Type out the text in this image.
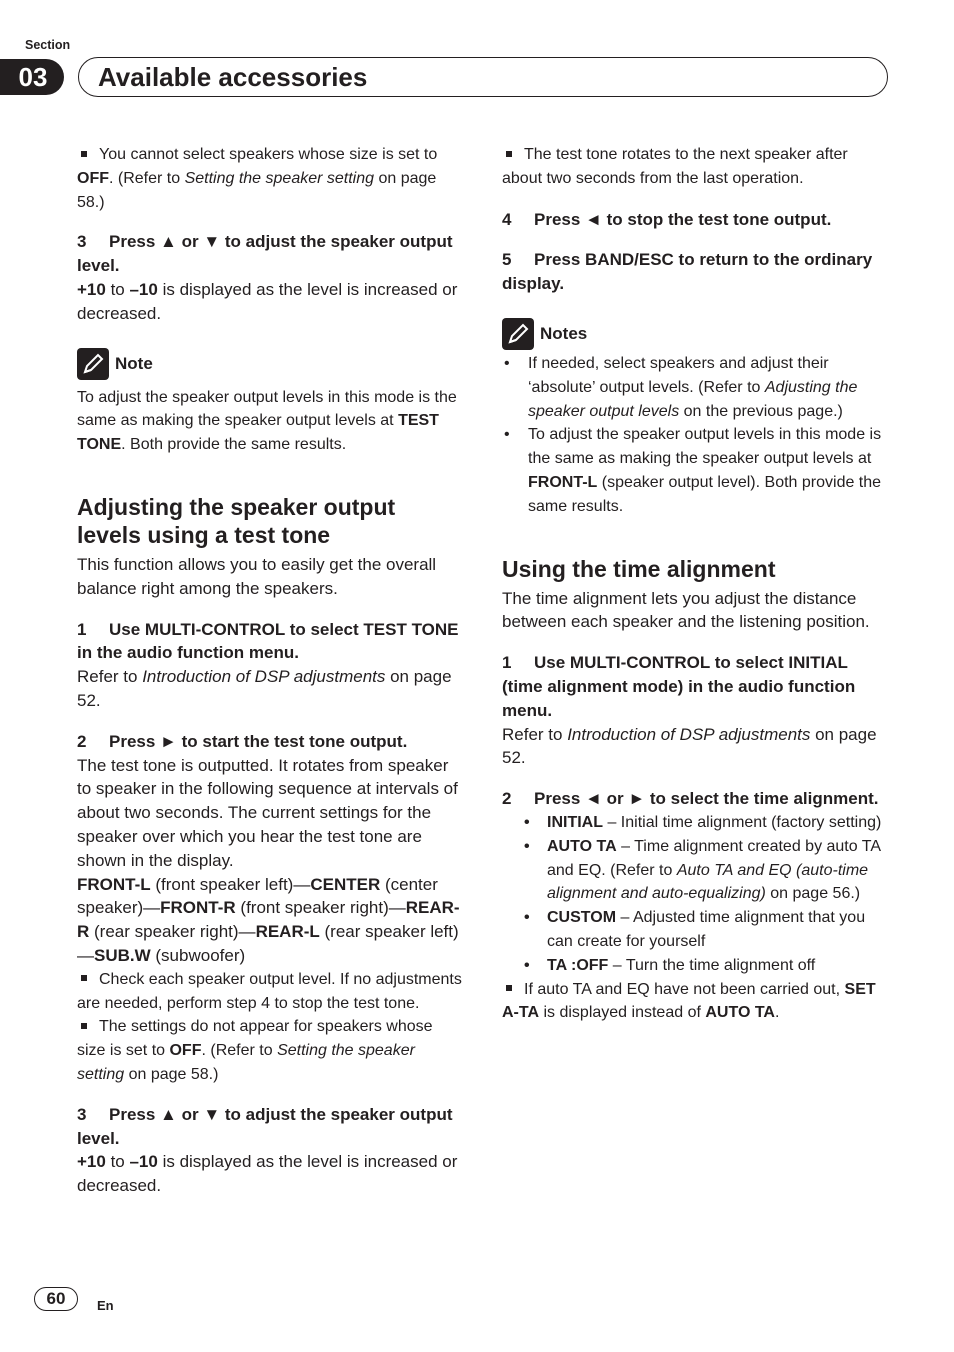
Section
03	Available accessories

You cannot select speakers whose size is set to OFF. (Refer to Setting the speaker setting on page 58.)

3 Press ▲ or ▼ to adjust the speaker output level.

+10 to –10 is displayed as the level is increased or decreased.

Note

To adjust the speaker output levels in this mode is the same as making the speaker output levels at TEST TONE. Both provide the same results.

Adjusting the speaker output levels using a test tone

This function allows you to easily get the overall balance right among the speakers.

1 Use MULTI-CONTROL to select TEST TONE in the audio function menu.

Refer to Introduction of DSP adjustments on page 52.

2 Press ► to start the test tone output.

The test tone is outputted. It rotates from speaker to speaker in the following sequence at intervals of about two seconds. The current settings for the speaker over which you hear the test tone are shown in the display.

FRONT-L (front speaker left)—CENTER (center speaker)—FRONT-R (front speaker right)—REAR-R (rear speaker right)—REAR-L (rear speaker left)—SUB.W (subwoofer)

Check each speaker output level. If no adjustments are needed, perform step 4 to stop the test tone.

The settings do not appear for speakers whose size is set to OFF. (Refer to Setting the speaker setting on page 58.)

3 Press ▲ or ▼ to adjust the speaker output level.

+10 to –10 is displayed as the level is increased or decreased.

The test tone rotates to the next speaker after about two seconds from the last operation.

4 Press ◄ to stop the test tone output.

5 Press BAND/ESC to return to the ordinary display.

Notes
• If needed, select speakers and adjust their ‘absolute’ output levels. (Refer to Adjusting the speaker output levels on the previous page.)
• To adjust the speaker output levels in this mode is the same as making the speaker output levels at FRONT-L (speaker output level). Both provide the same results.

Using the time alignment

The time alignment lets you adjust the distance between each speaker and the listening position.

1 Use MULTI-CONTROL to select INITIAL (time alignment mode) in the audio function menu.

Refer to Introduction of DSP adjustments on page 52.

2 Press ◄ or ► to select the time alignment.

• INITIAL – Initial time alignment (factory setting)
• AUTO TA – Time alignment created by auto TA and EQ. (Refer to Auto TA and EQ (auto-time alignment and auto-equalizing) on page 56.)
• CUSTOM – Adjusted time alignment that you can create for yourself
• TA :OFF – Turn the time alignment off

If auto TA and EQ have not been carried out, SET A-TA is displayed instead of AUTO TA.

60	En
